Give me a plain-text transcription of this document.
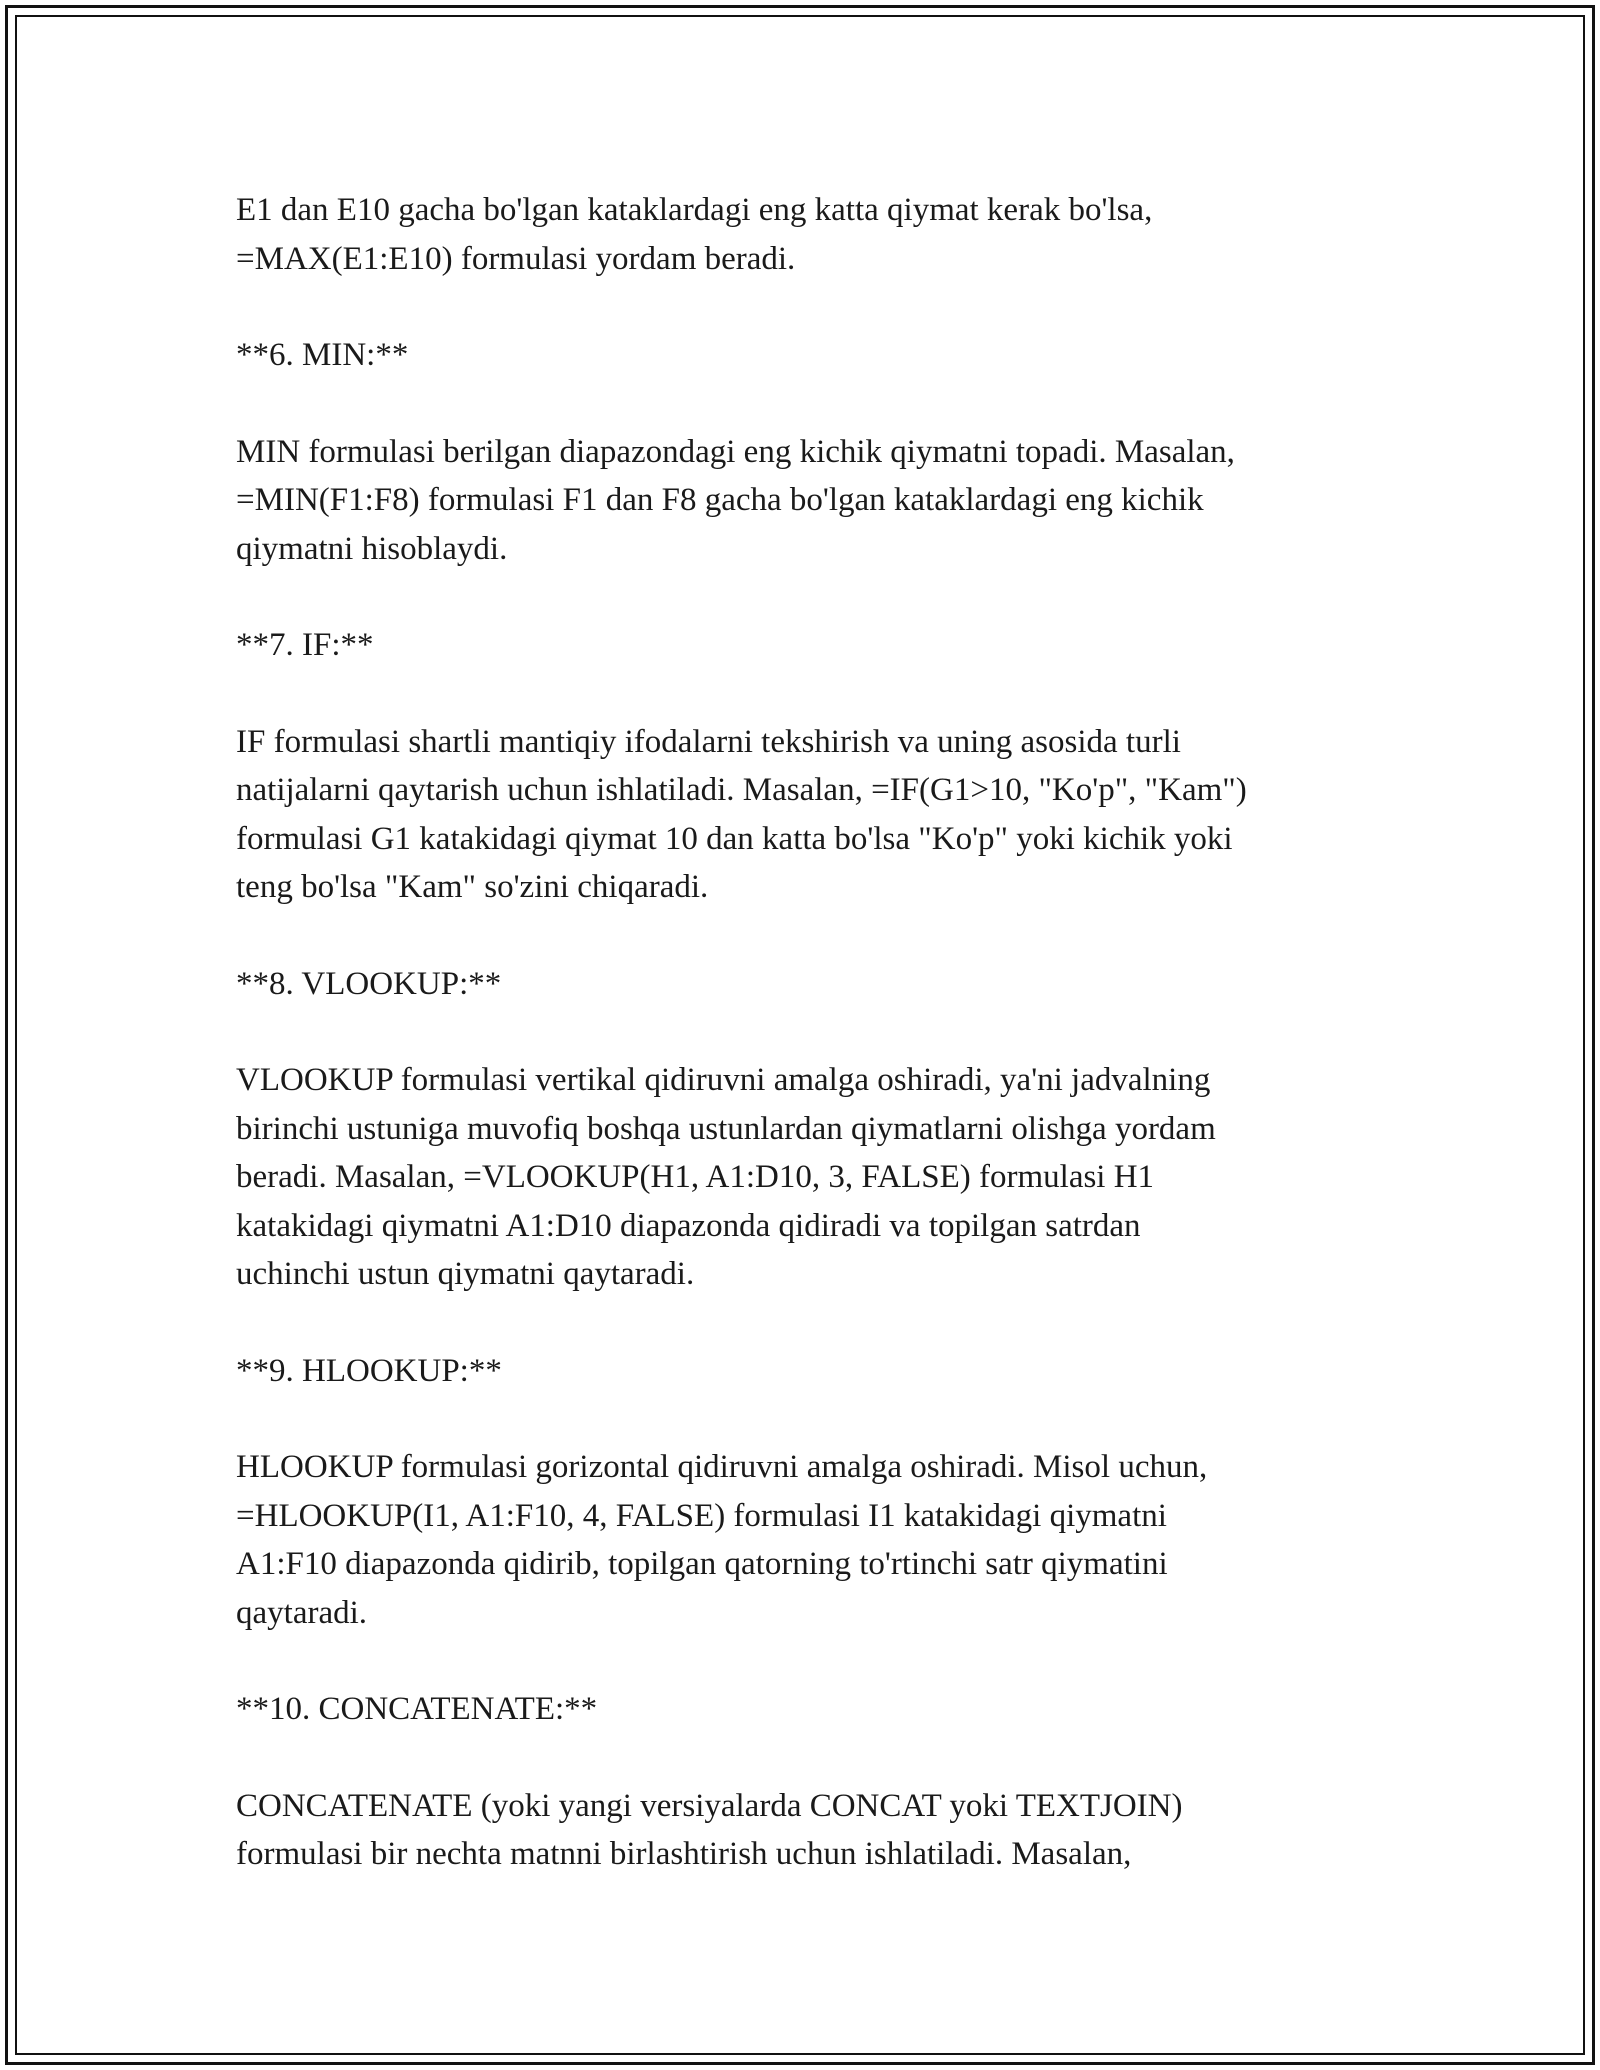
E1 dan E10 gacha bo'lgan kataklardagi eng katta qiymat kerak bo'lsa,
=MAX(E1:E10) formulasi yordam beradi.
**6. MIN:**
MIN formulasi berilgan diapazondagi eng kichik qiymatni topadi. Masalan,
=MIN(F1:F8) formulasi F1 dan F8 gacha bo'lgan kataklardagi eng kichik
qiymatni hisoblaydi.
**7. IF:**
IF formulasi shartli mantiqiy ifodalarni tekshirish va uning asosida turli
natijalarni qaytarish uchun ishlatiladi. Masalan, =IF(G1>10, "Ko'p", "Kam")
formulasi G1 katakidagi qiymat 10 dan katta bo'lsa "Ko'p" yoki kichik yoki
teng bo'lsa "Kam" so'zini chiqaradi.
**8. VLOOKUP:**
VLOOKUP formulasi vertikal qidiruvni amalga oshiradi, ya'ni jadvalning
birinchi ustuniga muvofiq boshqa ustunlardan qiymatlarni olishga yordam
beradi. Masalan, =VLOOKUP(H1, A1:D10, 3, FALSE) formulasi H1
katakidagi qiymatni A1:D10 diapazonda qidiradi va topilgan satrdan
uchinchi ustun qiymatni qaytaradi.
**9. HLOOKUP:**
HLOOKUP formulasi gorizontal qidiruvni amalga oshiradi. Misol uchun,
=HLOOKUP(I1, A1:F10, 4, FALSE) formulasi I1 katakidagi qiymatni
A1:F10 diapazonda qidirib, topilgan qatorning to'rtinchi satr qiymatini
qaytaradi.
**10. CONCATENATE:**
CONCATENATE (yoki yangi versiyalarda CONCAT yoki TEXTJOIN)
formulasi bir nechta matnni birlashtirish uchun ishlatiladi. Masalan,
